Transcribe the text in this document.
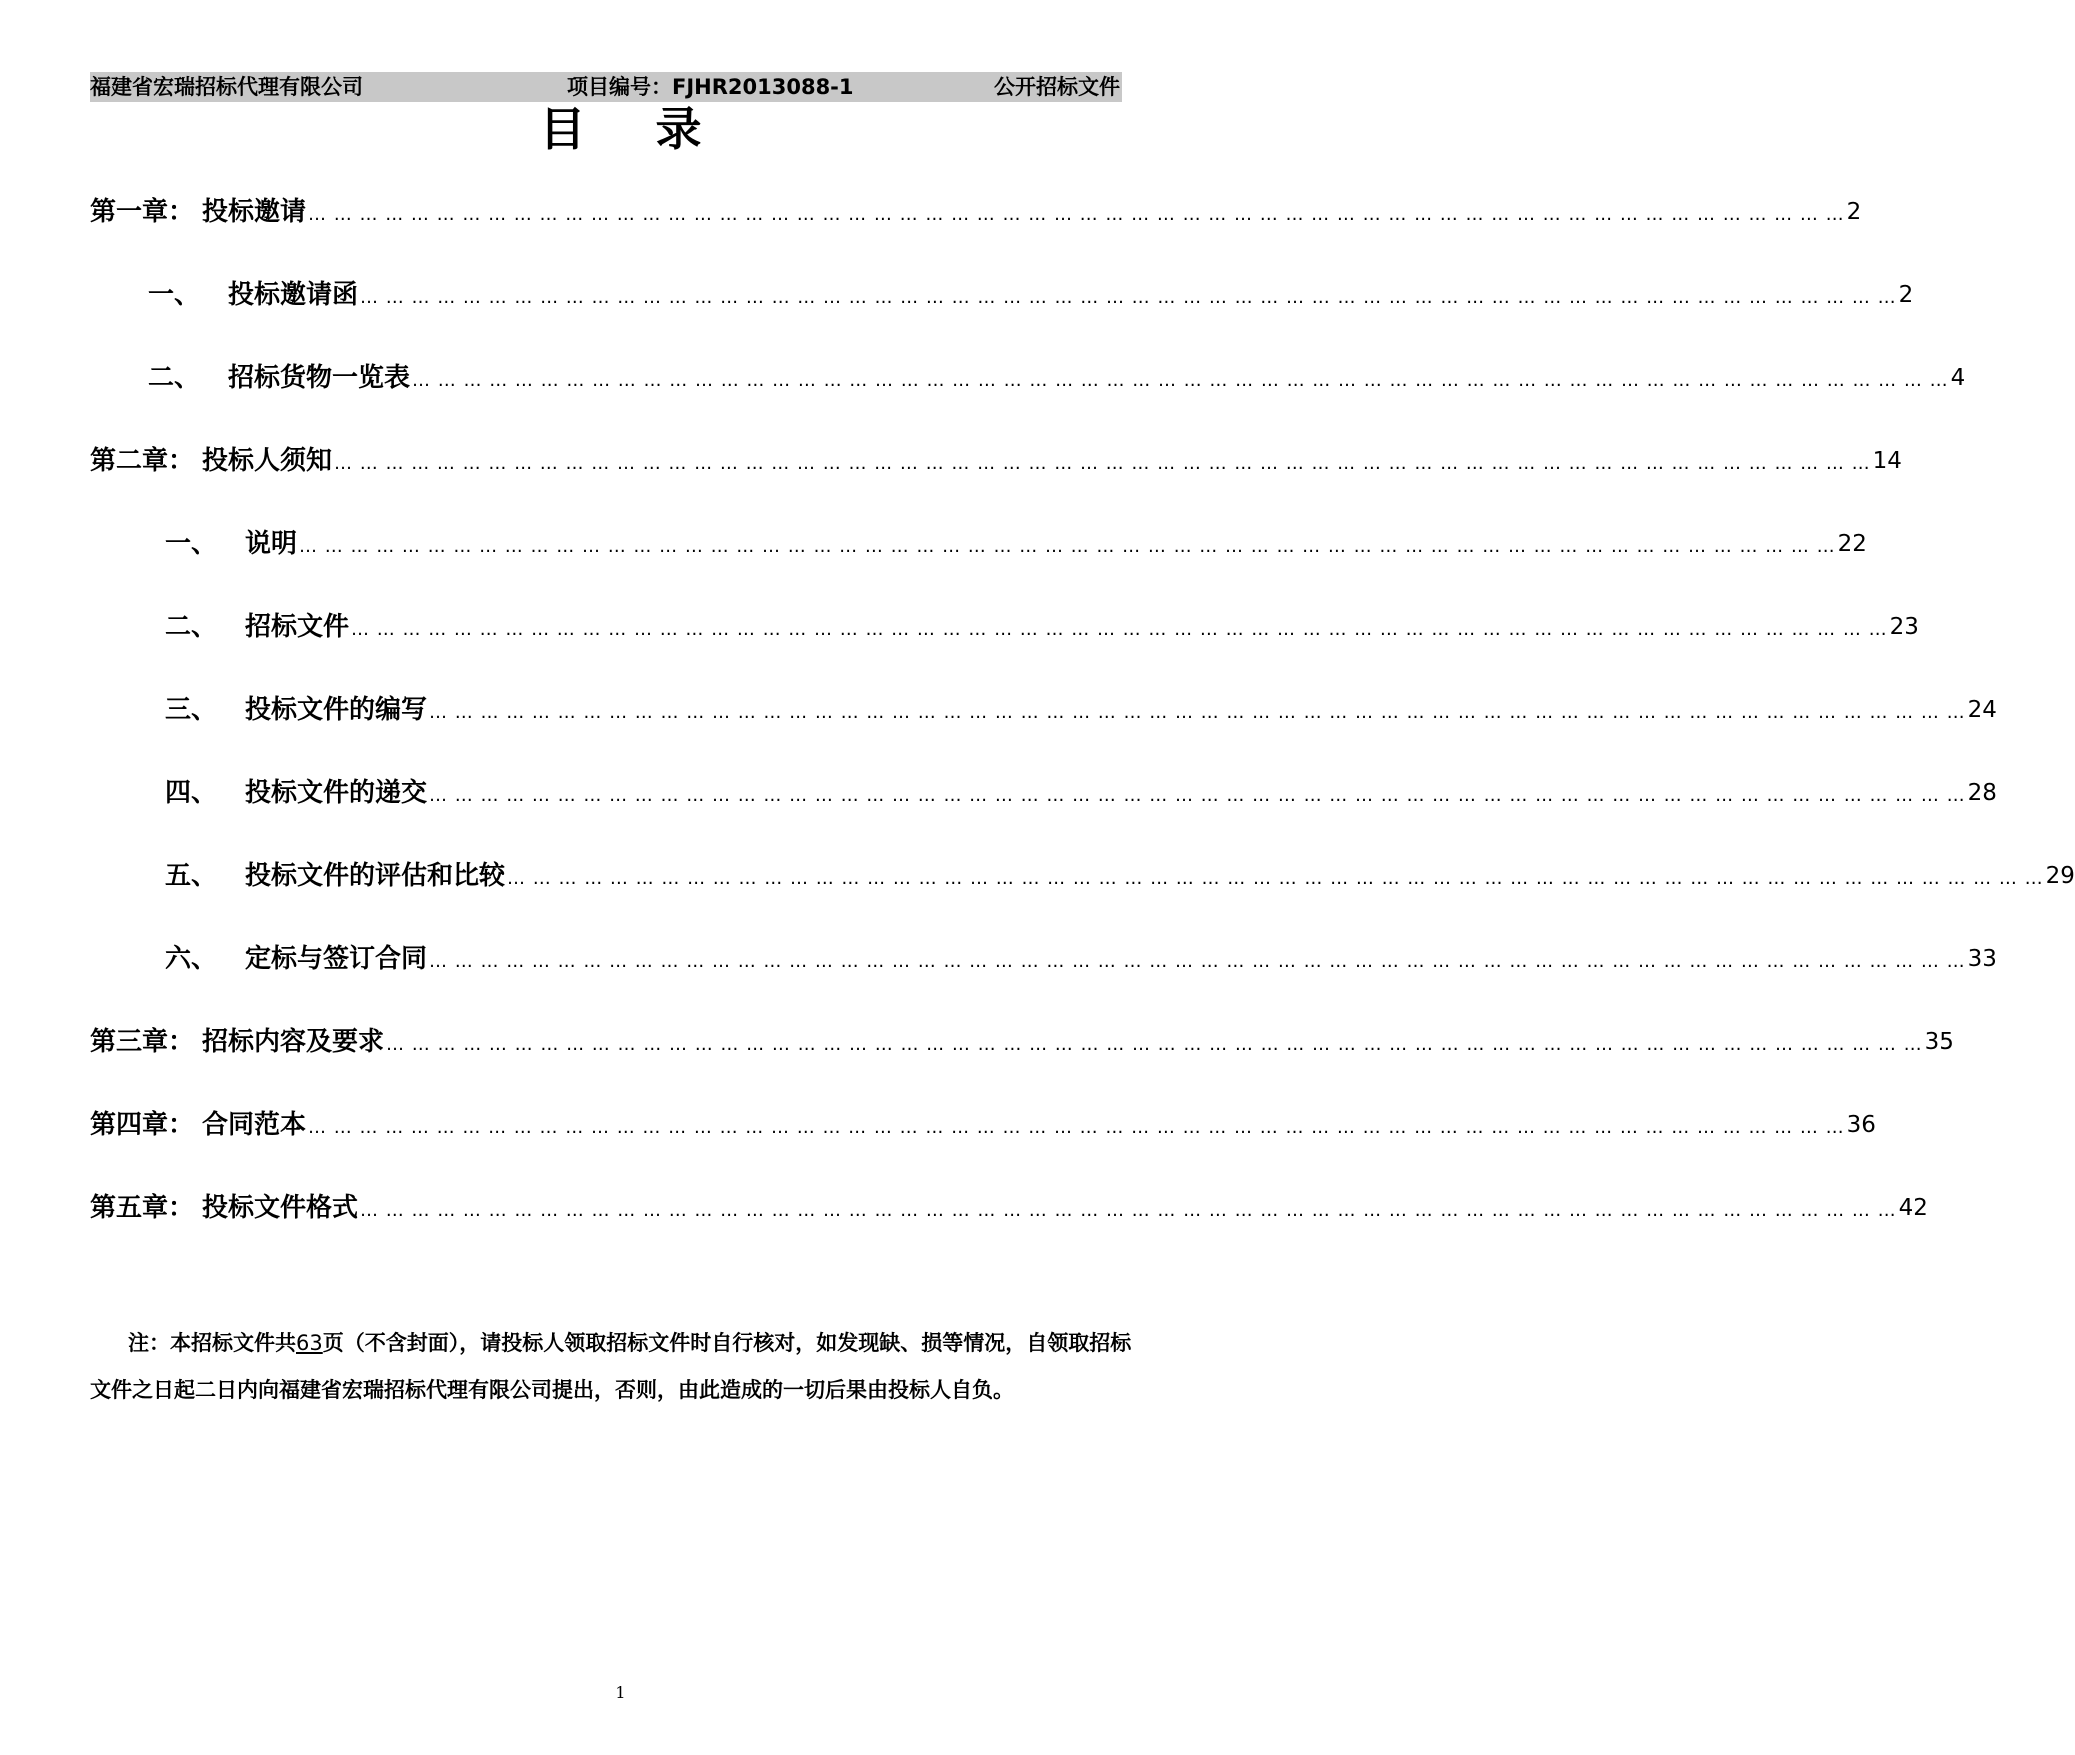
福建省宏瑞招标代理有限公司	项目编号：FJHR2013088-1	公开招标文件
目 录
第一章： 投标邀请 … … … … … … … … … … … … … … … … … … … … … … … … … … … … … … … … … … … … … … … … … … … … … … … … … … … … … … … … … … … … 2
一、 投标邀请函 … … … … … … … … … … … … … … … … … … … … … … … … … … … … … … … … … … … … … … … … … … … … … … … … … … … … … … … … … … … … 2
二、 招标货物一览表 … … … … … … … … … … … … … … … … … … … … … … … … … … … … … … … … … … … … … … … … … … … … … … … … … … … … … … … … … … … … 4
第二章： 投标人须知 … … … … … … … … … … … … … … … … … … … … … … … … … … … … … … … … … … … … … … … … … … … … … … … … … … … … … … … … … … … … 14
一、 说明 … … … … … … … … … … … … … … … … … … … … … … … … … … … … … … … … … … … … … … … … … … … … … … … … … … … … … … … … … … … … 22
二、 招标文件 … … … … … … … … … … … … … … … … … … … … … … … … … … … … … … … … … … … … … … … … … … … … … … … … … … … … … … … … … … … … 23
三、 投标文件的编写 … … … … … … … … … … … … … … … … … … … … … … … … … … … … … … … … … … … … … … … … … … … … … … … … … … … … … … … … … … … … 24
四、 投标文件的递交 … … … … … … … … … … … … … … … … … … … … … … … … … … … … … … … … … … … … … … … … … … … … … … … … … … … … … … … … … … … … 28
五、 投标文件的评估和比较 … … … … … … … … … … … … … … … … … … … … … … … … … … … … … … … … … … … … … … … … … … … … … … … … … … … … … … … … … … … … 29
六、 定标与签订合同 … … … … … … … … … … … … … … … … … … … … … … … … … … … … … … … … … … … … … … … … … … … … … … … … … … … … … … … … … … … … 33
第三章： 招标内容及要求 … … … … … … … … … … … … … … … … … … … … … … … … … … … … … … … … … … … … … … … … … … … … … … … … … … … … … … … … … … … … 35
第四章： 合同范本 … … … … … … … … … … … … … … … … … … … … … … … … … … … … … … … … … … … … … … … … … … … … … … … … … … … … … … … … … … … … 36
第五章： 投标文件格式 … … … … … … … … … … … … … … … … … … … … … … … … … … … … … … … … … … … … … … … … … … … … … … … … … … … … … … … … … … … … 42
注：本招标文件共63页（不含封面），请投标人领取招标文件时自行核对，如发现缺、损等情况，自领取招标文件之日起二日内向福建省宏瑞招标代理有限公司提出，否则，由此造成的一切后果由投标人自负。
1
